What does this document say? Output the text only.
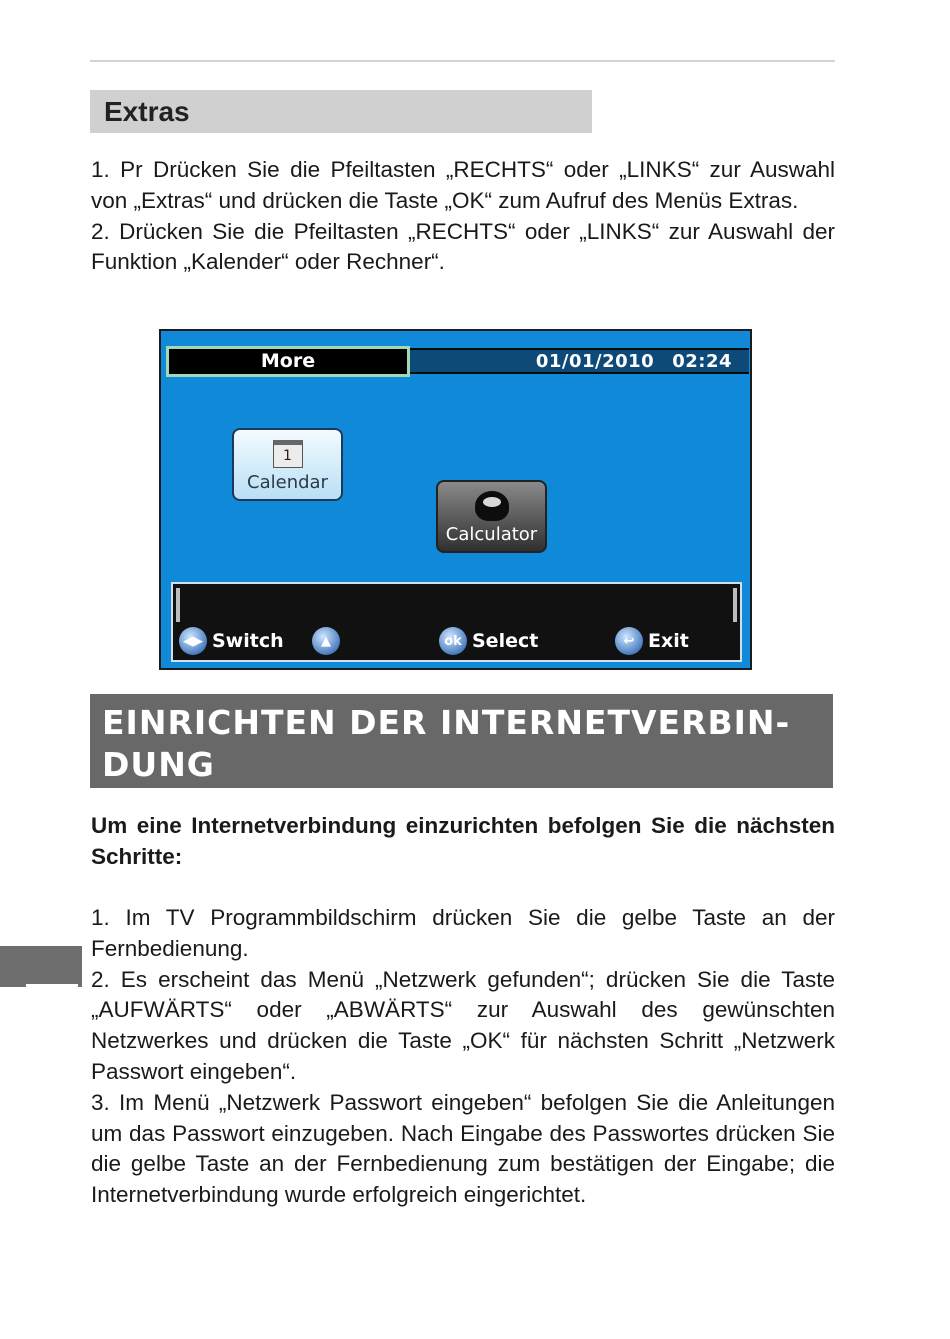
Extras

1. Pr Drücken Sie die Pfeiltasten „RECHTS“ oder „LINKS“ zur Auswahl von „Extras“ und drücken die Taste „OK“ zum Aufruf des Menüs Extras.

2. Drücken Sie die Pfeiltasten „RECHTS“ oder „LINKS“ zur Auswahl der Funktion „Kalender“ oder Rechner“.

More	01/01/2010 02:24
1
Calendar
Calculator
◀▶ Switch	▲	ok Select	↩ Exit
EINRICHTEN DER INTERNETVERBIN-
DUNG

Um eine Internetverbindung einzurichten befolgen Sie die nächsten Schritte:

1. Im TV Programmbildschirm drücken Sie die gelbe Taste an der Fernbedienung.

2. Es erscheint das Menü „Netzwerk gefunden“; drücken Sie die Taste „AUFWÄRTS“ oder „ABWÄRTS“ zur Auswahl des gewünschten Netzwerkes und drücken die Taste „OK“ für nächsten Schritt „Netzwerk Passwort eingeben“.

3. Im Menü „Netzwerk Passwort eingeben“ befolgen Sie die Anleitungen um das Passwort einzugeben. Nach Eingabe des Passwortes drücken Sie die gelbe Taste an der Fernbedienung zum bestätigen der Eingabe; die Internetverbindung wurde erfolgreich eingerichtet.
